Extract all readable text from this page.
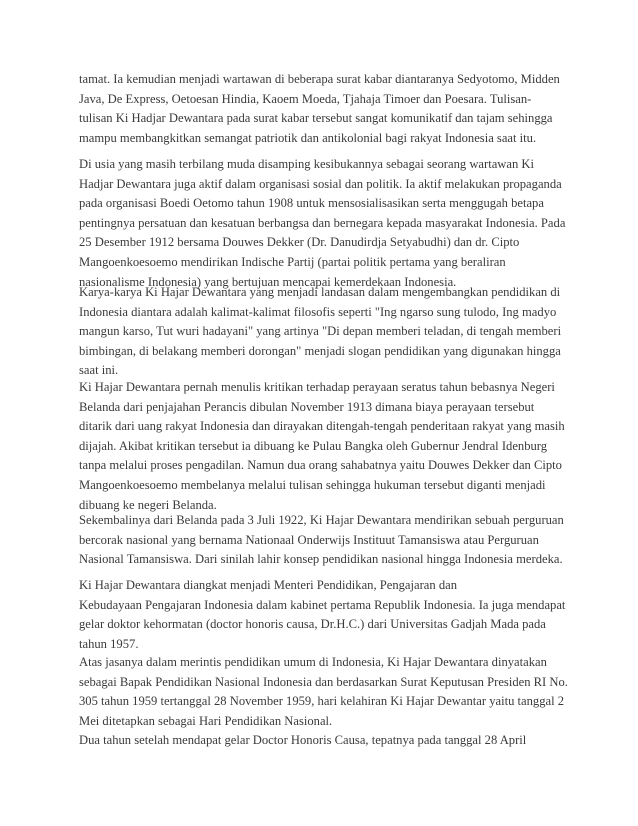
tamat. Ia kemudian menjadi wartawan di beberapa surat kabar diantaranya Sedyotomo, Midden
Java, De Express, Oetoesan Hindia, Kaoem Moeda, Tjahaja Timoer dan Poesara. Tulisan-
tulisan Ki Hadjar Dewantara pada surat kabar tersebut sangat komunikatif dan tajam sehingga
mampu membangkitkan semangat patriotik dan antikolonial bagi rakyat Indonesia saat itu.

Di usia yang masih terbilang muda disamping kesibukannya sebagai seorang wartawan Ki
Hadjar Dewantara juga aktif dalam organisasi sosial dan politik. Ia aktif melakukan propaganda
pada organisasi Boedi Oetomo tahun 1908 untuk mensosialisasikan serta menggugah betapa
pentingnya persatuan dan kesatuan berbangsa dan bernegara kepada masyarakat Indonesia. Pada
25 Desember 1912 bersama Douwes Dekker (Dr. Danudirdja Setyabudhi) dan dr. Cipto
Mangoenkoesoemo mendirikan Indische Partij (partai politik pertama yang beraliran
nasionalisme Indonesia) yang bertujuan mencapai kemerdekaan Indonesia.

Karya-karya Ki Hajar Dewantara yang menjadi landasan dalam mengembangkan pendidikan di
Indonesia diantara adalah kalimat-kalimat filosofis seperti "Ing ngarso sung tulodo, Ing madyo
mangun karso, Tut wuri hadayani" yang artinya "Di depan memberi teladan, di tengah memberi
bimbingan, di belakang memberi dorongan" menjadi slogan pendidikan yang digunakan hingga
saat ini.

Ki Hajar Dewantara pernah menulis kritikan terhadap perayaan seratus tahun bebasnya Negeri
Belanda dari penjajahan Perancis dibulan November 1913 dimana biaya perayaan tersebut
ditarik dari uang rakyat Indonesia dan dirayakan ditengah-tengah penderitaan rakyat yang masih
dijajah. Akibat kritikan tersebut ia dibuang ke Pulau Bangka oleh Gubernur Jendral Idenburg
tanpa melalui proses pengadilan. Namun dua orang sahabatnya yaitu Douwes Dekker dan Cipto
Mangoenkoesoemo membelanya melalui tulisan sehingga hukuman tersebut diganti menjadi
dibuang ke negeri Belanda.

Sekembalinya dari Belanda pada 3 Juli 1922, Ki Hajar Dewantara mendirikan sebuah perguruan
bercorak nasional yang bernama Nationaal Onderwijs Instituut Tamansiswa atau Perguruan
Nasional Tamansiswa. Dari sinilah lahir konsep pendidikan nasional hingga Indonesia merdeka.

Ki Hajar Dewantara diangkat menjadi Menteri Pendidikan, Pengajaran dan
Kebudayaan Pengajaran Indonesia dalam kabinet pertama Republik Indonesia. Ia juga mendapat
gelar doktor kehormatan (doctor honoris causa, Dr.H.C.) dari Universitas Gadjah Mada pada
tahun 1957.

Atas jasanya dalam merintis pendidikan umum di Indonesia, Ki Hajar Dewantara dinyatakan
sebagai Bapak Pendidikan Nasional Indonesia dan berdasarkan Surat Keputusan Presiden RI No.
305 tahun 1959 tertanggal 28 November 1959, hari kelahiran Ki Hajar Dewantar yaitu tanggal 2
Mei ditetapkan sebagai Hari Pendidikan Nasional.

Dua tahun setelah mendapat gelar Doctor Honoris Causa, tepatnya pada tanggal 28 April
